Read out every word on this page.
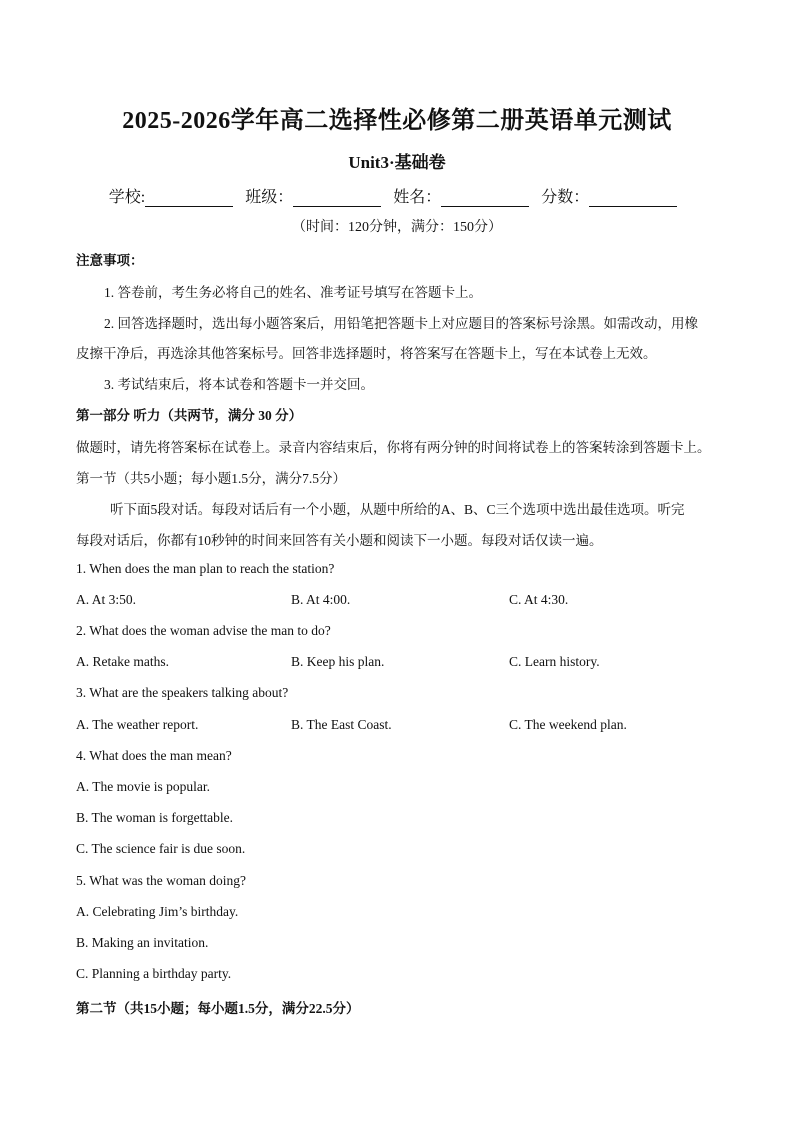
2025-2026学年高二选择性必修第二册英语单元测试
Unit3·基础卷
学校:	班级：	姓名：	分数：
（时间：120分钟，满分：150分）
注意事项：
1. 答卷前，考生务必将自己的姓名、准考证号填写在答题卡上。
2. 回答选择题时，选出每小题答案后，用铅笔把答题卡上对应题目的答案标号涂黑。如需改动，用橡
皮擦干净后，再选涂其他答案标号。回答非选择题时，将答案写在答题卡上，写在本试卷上无效。
3. 考试结束后，将本试卷和答题卡一并交回。
第一部分 听力（共两节，满分 30 分）
做题时，请先将答案标在试卷上。录音内容结束后，你将有两分钟的时间将试卷上的答案转涂到答题卡上。
第一节（共5小题；每小题1.5分，满分7.5分）
听下面5段对话。每段对话后有一个小题，从题中所给的A、B、C三个选项中选出最佳选项。听完
每段对话后，你都有10秒钟的时间来回答有关小题和阅读下一小题。每段对话仅读一遍。
1. When does the man plan to reach the station?
A. At 3:50.	B. At 4:00.	C. At 4:30.
2. What does the woman advise the man to do?
A. Retake maths.	B. Keep his plan.	C. Learn history.
3. What are the speakers talking about?
A. The weather report.	B. The East Coast.	C. The weekend plan.
4. What does the man mean?
A. The movie is popular.
B. The woman is forgettable.
C. The science fair is due soon.
5. What was the woman doing?
A. Celebrating Jim’s birthday.
B. Making an invitation.
C. Planning a birthday party.
第二节（共15小题；每小题1.5分，满分22.5分）
